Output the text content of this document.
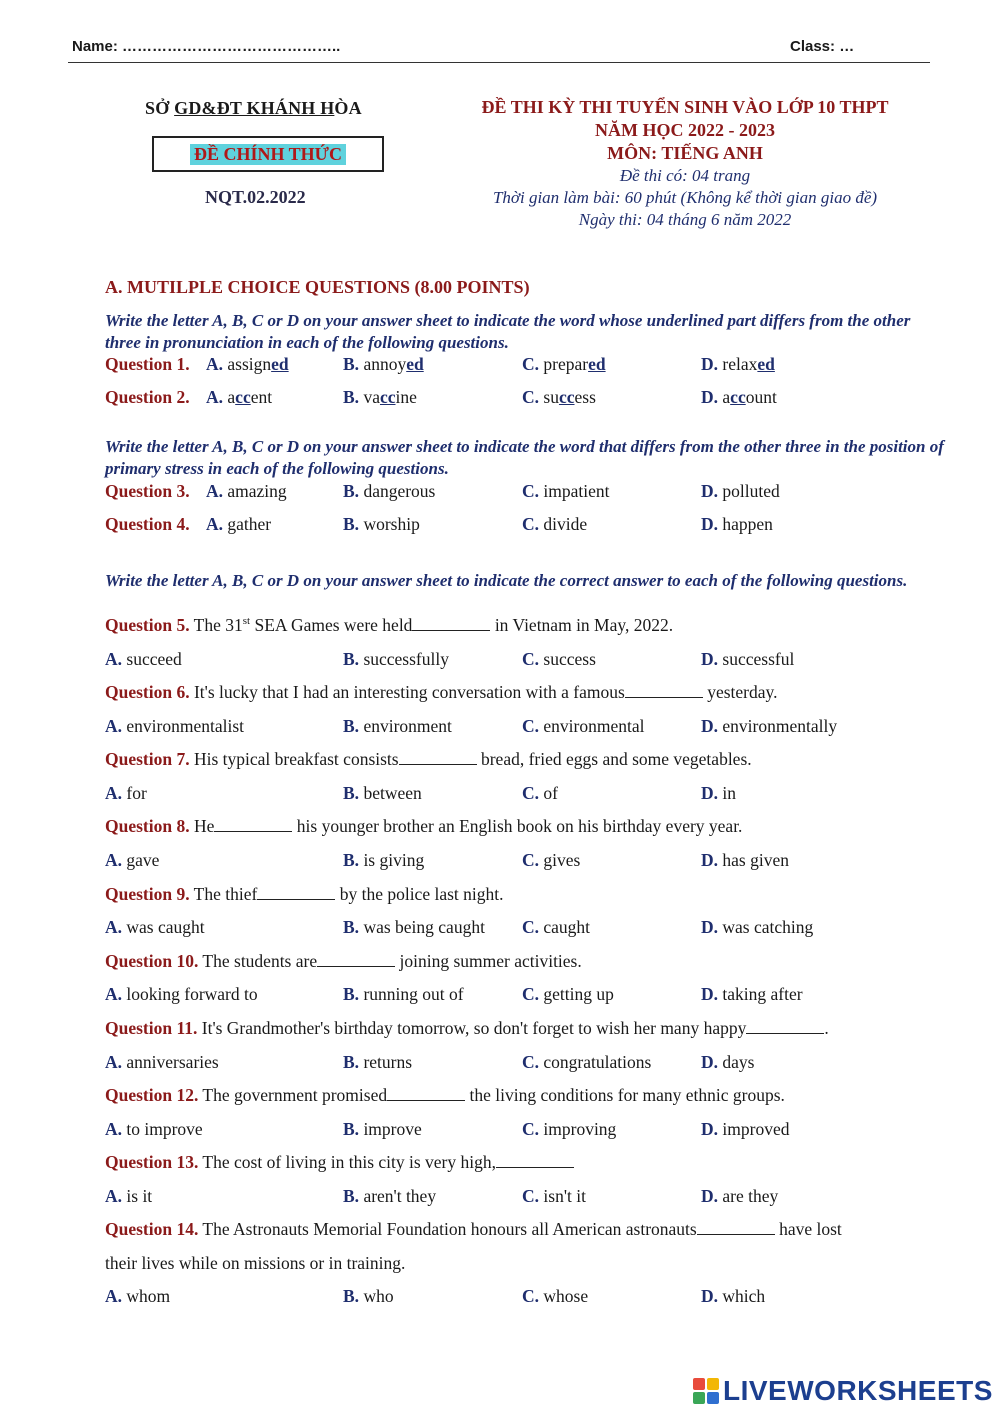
Name: ……………………………………..	Class: …
SỞ GD&ĐT KHÁNH HÒA
ĐỀ CHÍNH THỨC
NQT.02.2022
ĐỀ THI KỲ THI TUYỂN SINH VÀO LỚP 10 THPT
NĂM HỌC 2022 - 2023
MÔN: TIẾNG ANH
Đề thi có: 04 trang
Thời gian làm bài: 60 phút (Không kể thời gian giao đề)
Ngày thi: 04 tháng 6 năm 2022
A. MUTILPLE CHOICE QUESTIONS (8.00 POINTS)
Write the letter A, B, C or D on your answer sheet to indicate the word whose underlined part differs from the other three in pronunciation in each of the following questions.
Question 1. A. assigned	B. annoyed	C. prepared	D. relaxed
Question 2. A. accent	B. vaccine	C. success	D. account
Write the letter A, B, C or D on your answer sheet to indicate the word that differs from the other three in the position of primary stress in each of the following questions.
Question 3. A. amazing	B. dangerous	C. impatient	D. polluted
Question 4. A. gather	B. worship	C. divide	D. happen
Write the letter A, B, C or D on your answer sheet to indicate the correct answer to each of the following questions.
Question 5. The 31st SEA Games were held	in Vietnam in May, 2022.
A. succeed	B. successfully	C. success	D. successful
Question 6. It's lucky that I had an interesting conversation with a famous	yesterday.
A. environmentalist	B. environment	C. environmental	D. environmentally
Question 7. His typical breakfast consists	bread, fried eggs and some vegetables.
A. for	B. between	C. of	D. in
Question 8. He	his younger brother an English book on his birthday every year.
A. gave	B. is giving	C. gives	D. has given
Question 9. The thief	by the police last night.
A. was caught	B. was being caught C. caught	D. was catching
Question 10. The students are	joining summer activities.
A. looking forward to	B. running out of	C. getting up	D. taking after
Question 11. It's Grandmother's birthday tomorrow, so don't forget to wish her many happy	.
A. anniversaries	B. returns	C. congratulations	D. days
Question 12. The government promised	the living conditions for many ethnic groups.
A. to improve	B. improve	C. improving	D. improved
Question 13. The cost of living in this city is very high,
A. is it	B. aren't they	C. isn't it	D. are they
Question 14. The Astronauts Memorial Foundation honours all American astronauts	have lost
their lives while on missions or in training.
A. whom	B. who	C. whose	D. which
LIVEWORKSHEETS
